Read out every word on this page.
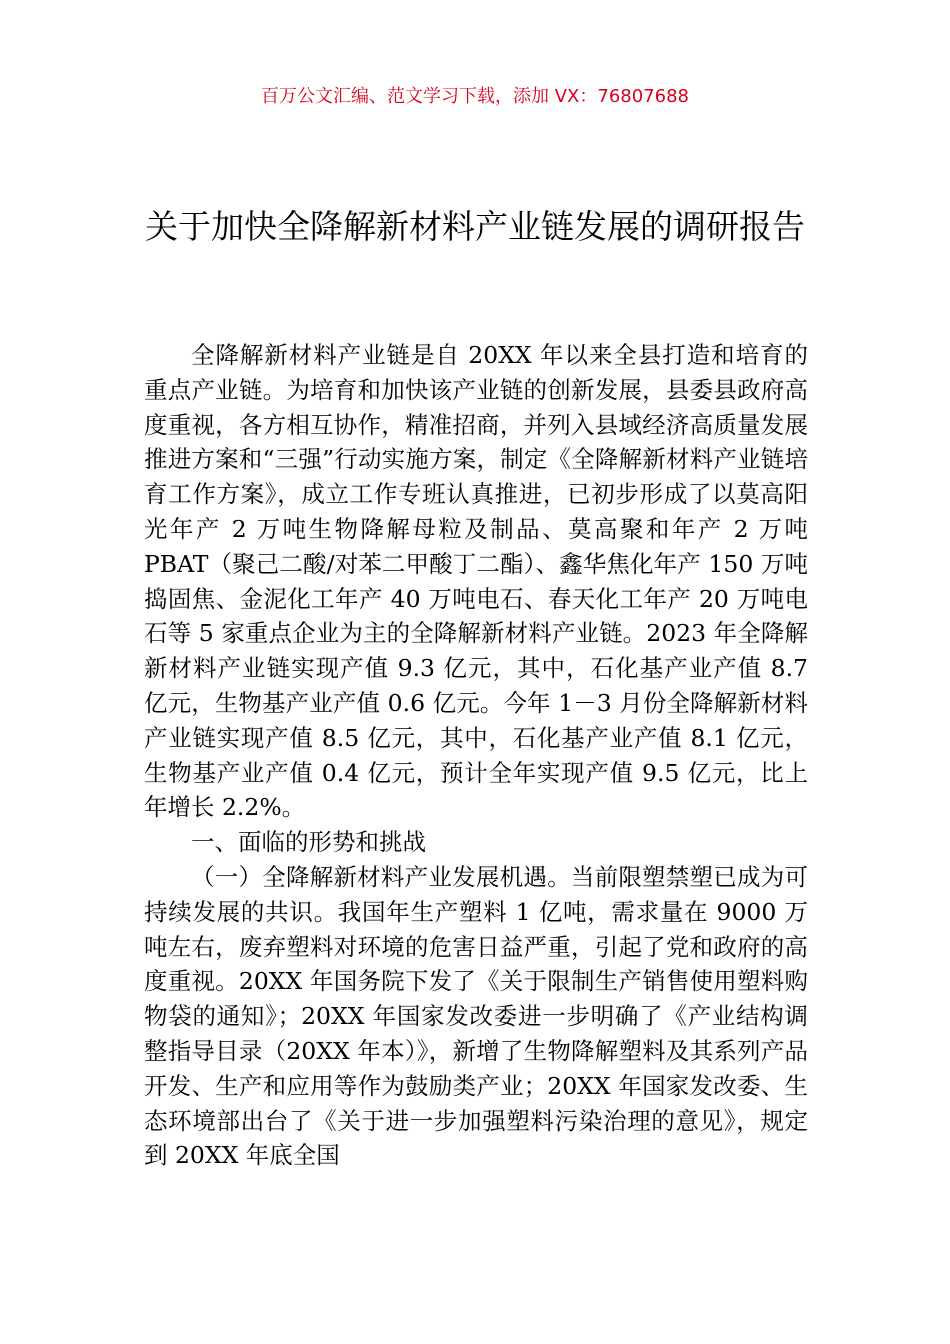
百万公文汇编、范文学习下载，添加 VX：76807688
关于加快全降解新材料产业链发展的调研报告

全降解新材料产业链是自 20XX 年以来全县打造和培育的重点产业链。为培育和加快该产业链的创新发展，县委县政府高度重视，各方相互协作，精准招商，并列入县域经济高质量发展推进方案和“三强”行动实施方案，制定《全降解新材料产业链培育工作方案》，成立工作专班认真推进，已初步形成了以莫高阳光年产 2 万吨生物降解母粒及制品、莫高聚和年产 2 万吨 PBAT（聚己二酸/对苯二甲酸丁二酯）、鑫华焦化年产 150 万吨捣固焦、金泥化工年产 40 万吨电石、春天化工年产 20 万吨电石等 5 家重点企业为主的全降解新材料产业链。2023 年全降解新材料产业链实现产值 9.3 亿元，其中，石化基产业产值 8.7 亿元，生物基产业产值 0.6 亿元。今年 1－3 月份全降解新材料产业链实现产值 8.5 亿元，其中，石化基产业产值 8.1 亿元，生物基产业产值 0.4 亿元，预计全年实现产值 9.5 亿元，比上年增长 2.2%。

一、面临的形势和挑战

（一）全降解新材料产业发展机遇。当前限塑禁塑已成为可持续发展的共识。我国年生产塑料 1 亿吨，需求量在 9000 万吨左右，废弃塑料对环境的危害日益严重，引起了党和政府的高度重视。20XX 年国务院下发了《关于限制生产销售使用塑料购物袋的通知》；20XX 年国家发改委进一步明确了《产业结构调整指导目录（20XX 年本）》，新增了生物降解塑料及其系列产品开发、生产和应用等作为鼓励类产业；20XX 年国家发改委、生态环境部出台了《关于进一步加强塑料污染治理的意见》，规定到 20XX 年底全国
